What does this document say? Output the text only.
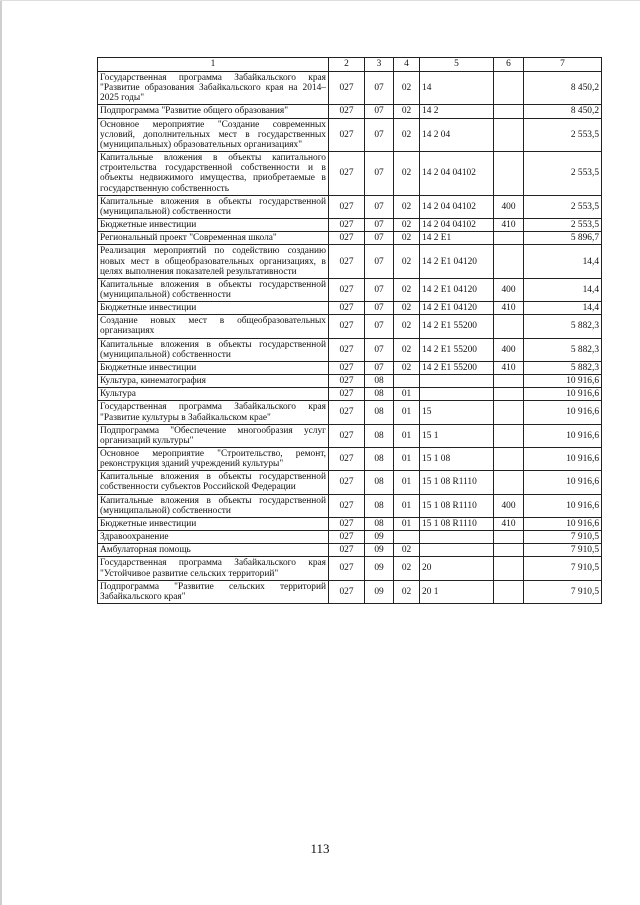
1	2	3	4	5	6	7
Государственная программа Забайкальского края "Развитие образования Забайкальского края на 2014–2025 годы"	027	07	02	14		8 450,2
Подпрограмма "Развитие общего образования"	027	07	02	14 2		8 450,2
Основное мероприятие "Создание современных условий, дополнительных мест в государственных (муниципальных) образовательных организациях"	027	07	02	14 2 04		2 553,5
Капитальные вложения в объекты капитального строительства государственной собственности и в объекты недвижимого имущества, приобретаемые в государственную собственность	027	07	02	14 2 04 04102		2 553,5
Капитальные вложения в объекты государственной (муниципальной) собственности	027	07	02	14 2 04 04102	400	2 553,5
Бюджетные инвестиции	027	07	02	14 2 04 04102	410	2 553,5
Региональный проект "Современная школа"	027	07	02	14 2 E1		5 896,7
Реализация мероприятий по содействию созданию новых мест в общеобразовательных организациях, в целях выполнения показателей результативности	027	07	02	14 2 E1 04120		14,4
Капитальные вложения в объекты государственной (муниципальной) собственности	027	07	02	14 2 E1 04120	400	14,4
Бюджетные инвестиции	027	07	02	14 2 E1 04120	410	14,4
Создание новых мест в общеобразовательных организациях	027	07	02	14 2 E1 55200		5 882,3
Капитальные вложения в объекты государственной (муниципальной) собственности	027	07	02	14 2 E1 55200	400	5 882,3
Бюджетные инвестиции	027	07	02	14 2 E1 55200	410	5 882,3
Культура, кинематография	027	08				10 916,6
Культура	027	08	01			10 916,6
Государственная программа Забайкальского края "Развитие культуры в Забайкальском крае"	027	08	01	15		10 916,6
Подпрограмма "Обеспечение многообразия услуг организаций культуры"	027	08	01	15 1		10 916,6
Основное мероприятие "Строительство, ремонт, реконструкция зданий учреждений культуры"	027	08	01	15 1 08		10 916,6
Капитальные вложения в объекты государственной собственности субъектов Российской Федерации	027	08	01	15 1 08 R1110		10 916,6
Капитальные вложения в объекты государственной (муниципальной) собственности	027	08	01	15 1 08 R1110	400	10 916,6
Бюджетные инвестиции	027	08	01	15 1 08 R1110	410	10 916,6
Здравоохранение	027	09				7 910,5
Амбулаторная помощь	027	09	02			7 910,5
Государственная программа Забайкальского края "Устойчивое развитие сельских территорий"	027	09	02	20		7 910,5
Подпрограмма "Развитие сельских территорий Забайкальского края"	027	09	02	20 1		7 910,5
113
